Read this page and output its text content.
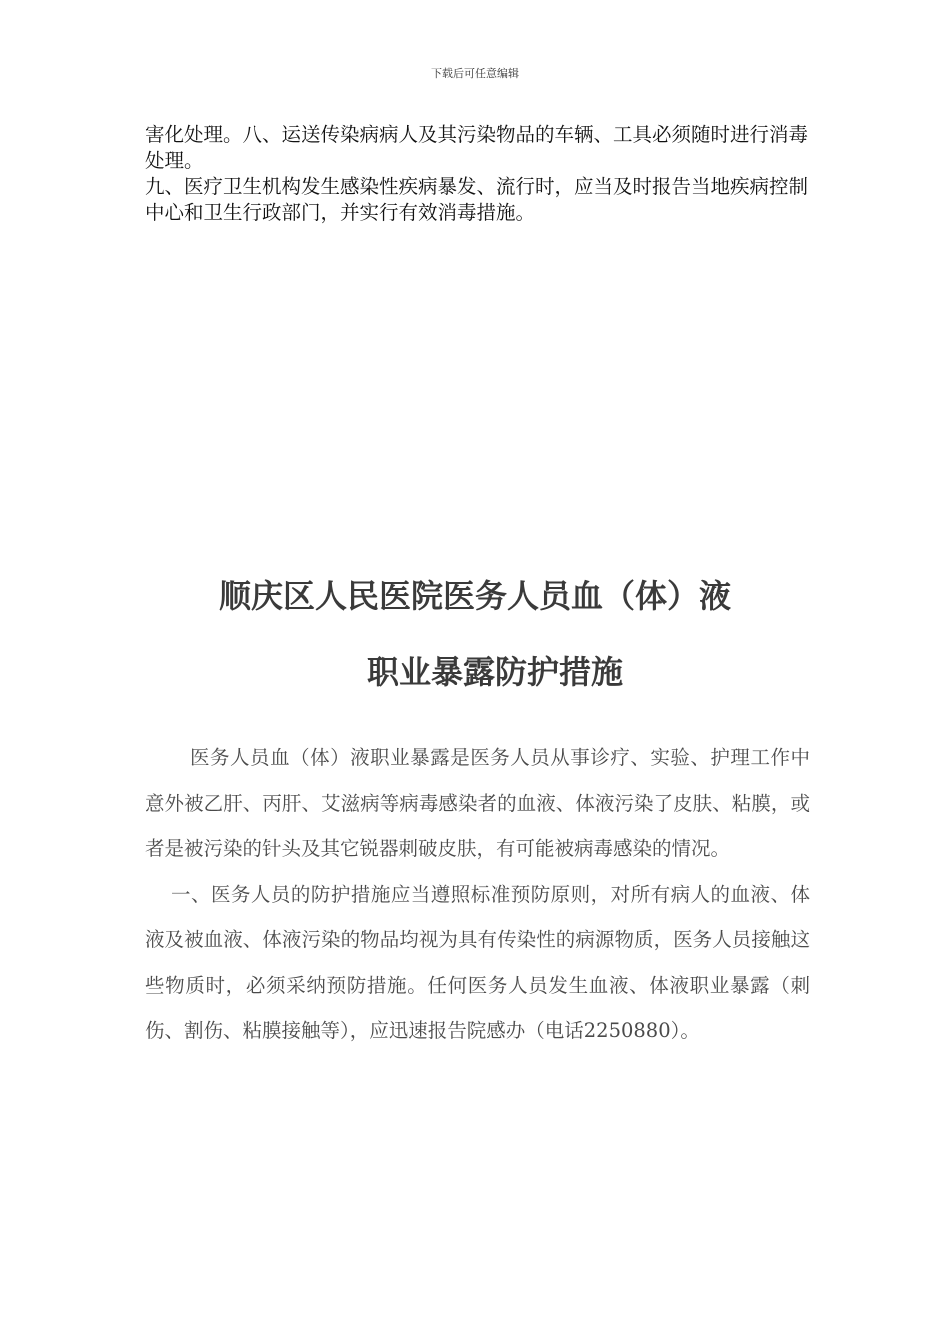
下载后可任意编辑

害化处理。八、运送传染病病人及其污染物品的车辆、工具必须随时进行消毒处理。

九、医疗卫生机构发生感染性疾病暴发、流行时，应当及时报告当地疾病控制中心和卫生行政部门，并实行有效消毒措施。

顺庆区人民医院医务人员血（体）液
职业暴露防护措施

医务人员血（体）液职业暴露是医务人员从事诊疗、实验、护理工作中意外被乙肝、丙肝、艾滋病等病毒感染者的血液、体液污染了皮肤、粘膜，或者是被污染的针头及其它锐器刺破皮肤，有可能被病毒感染的情况。

一、医务人员的防护措施应当遵照标准预防原则，对所有病人的血液、体液及被血液、体液污染的物品均视为具有传染性的病源物质，医务人员接触这些物质时，必须采纳预防措施。任何医务人员发生血液、体液职业暴露（刺伤、割伤、粘膜接触等），应迅速报告院感办（电话2250880）。
